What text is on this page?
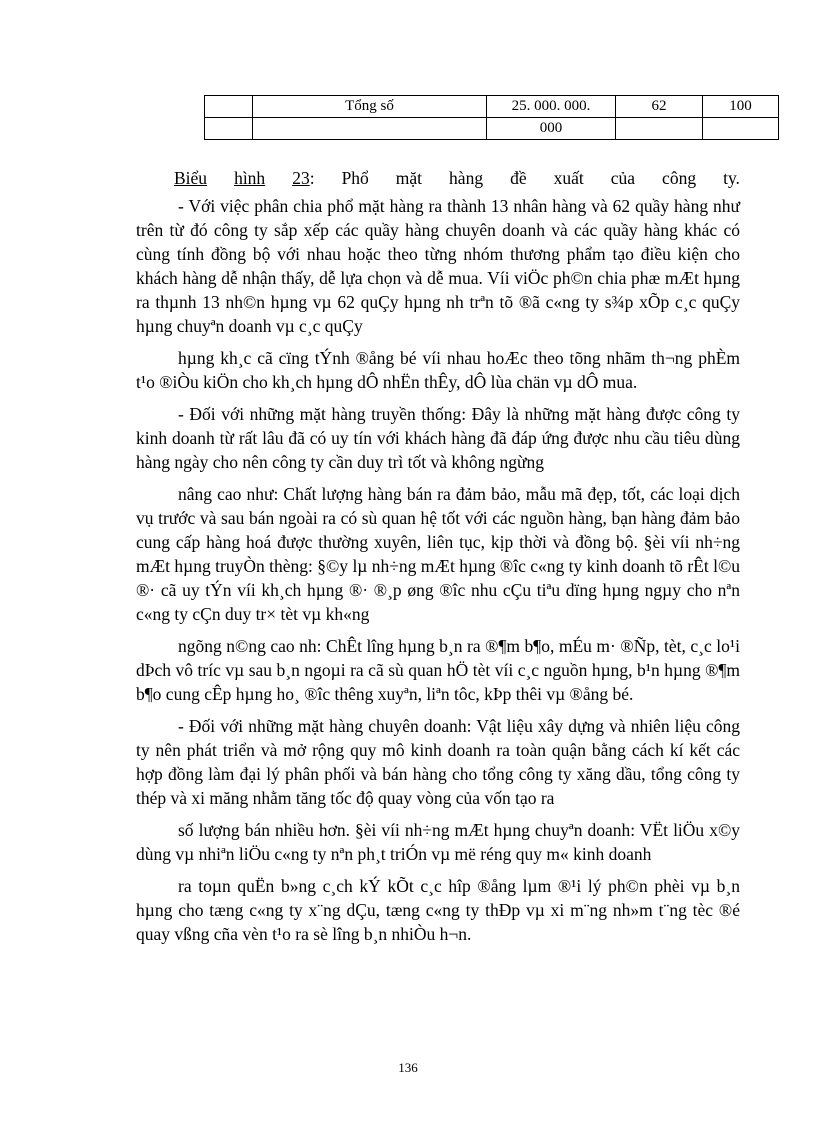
	Tổng số	25. 000. 000.	62	100
		000		
Biểu hình 23: Phổ mặt hàng đề xuất của công ty.

- Với việc phân chia phổ mặt hàng ra thành 13 nhân hàng và 62 quầy hàng như trên từ đó công ty sắp xếp các quầy hàng chuyên doanh và các quầy hàng khác có cùng tính đồng bộ với nhau hoặc theo từng nhóm thương phẩm tạo điều kiện cho khách hàng dễ nhận thấy, dễ lựa chọn và dễ mua. Víi viÖc ph©n chia phæ mÆt hµng ra thµnh 13 nh©n hµng vµ 62 quÇy hµng nh trªn tõ ®ã c«ng ty s¾p xÕp c¸c quÇy hµng chuyªn doanh vµ c¸c quÇy

hµng kh¸c cã cïng tÝnh ®ång bé víi nhau hoÆc theo tõng nhãm th¬ng phÈm t¹o ®iÒu kiÖn cho kh¸ch hµng dÔ nhËn thÊy, dÔ lùa chän vµ dÔ mua.

- Đối với những mặt hàng truyền thống: Đây là những mặt hàng được công ty kinh doanh từ rất lâu đã có uy tín với khách hàng đã đáp ứng được nhu cầu tiêu dùng hàng ngày cho nên công ty cần duy trì tốt và không ngừng

nâng cao như: Chất lượng hàng bán ra đảm bảo, mẫu mã đẹp, tốt, các loại dịch vụ trước và sau bán ngoài ra có sù quan hệ tốt với các nguồn hàng, bạn hàng đảm bảo cung cấp hàng hoá được thường xuyên, liên tục, kịp thời và đồng bộ. §èi víi nh÷ng mÆt hµng truyÒn thèng: §©y lµ nh÷ng mÆt hµng ®îc c«ng ty kinh doanh tõ rÊt l©u ®· cã uy tÝn víi kh¸ch hµng ®· ®¸p øng ®îc nhu cÇu tiªu dïng hµng ngµy cho nªn c«ng ty cÇn duy tr× tèt vµ kh«ng

ngõng n©ng cao nh: ChÊt lîng hµng b¸n ra ®¶m b¶o, mÉu m· ®Ñp, tèt, c¸c lo¹i dÞch vô tríc vµ sau b¸n ngoµi ra cã sù quan hÖ tèt víi c¸c nguồn hµng, b¹n hµng ®¶m b¶o cung cÊp hµng ho¸ ®îc thêng xuyªn, liªn tôc, kÞp thêi vµ ®ång bé.

- Đối với những mặt hàng chuyên doanh: Vật liệu xây dựng và nhiên liệu công ty nên phát triển và mở rộng quy mô kinh doanh ra toàn quận bằng cách kí kết các hợp đồng làm đại lý phân phối và bán hàng cho tổng công ty xăng dầu, tổng công ty thép và xi măng nhằm tăng tốc độ quay vòng của vốn tạo ra

số lượng bán nhiều hơn. §èi víi nh÷ng mÆt hµng chuyªn doanh: VËt liÖu x©y dùng vµ nhiªn liÖu c«ng ty nªn ph¸t triÓn vµ më réng quy m« kinh doanh

ra toµn quËn b»ng c¸ch kÝ kÕt c¸c hîp ®ång lµm ®¹i lý ph©n phèi vµ b¸n hµng cho tæng c«ng ty x¨ng dÇu, tæng c«ng ty thÐp vµ xi m¨ng nh»m t¨ng tèc ®é quay vßng cña vèn t¹o ra sè lîng b¸n nhiÒu h¬n.

136
